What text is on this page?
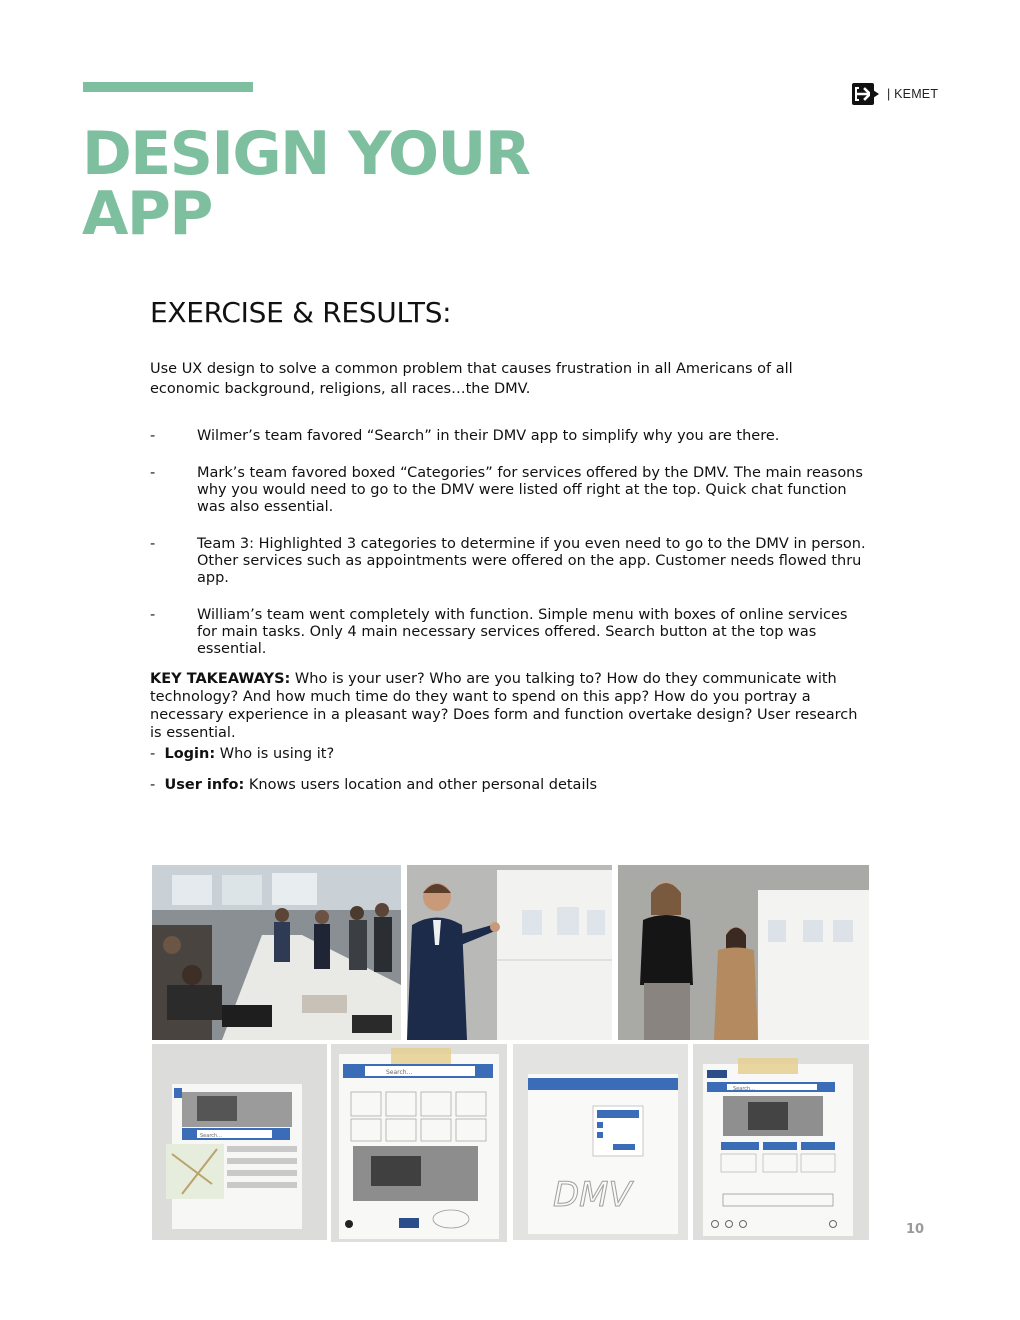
| KEMET
DESIGN YOUR
APP
EXERCISE & RESULTS:

Use UX design to solve a common problem that causes frustration in all Americans of all economic background, religions, all races…the DMV.

-	Wilmer’s team favored “Search” in their DMV app to simplify why you are there.
-	Mark’s team favored boxed “Categories” for services offered by the DMV. The main reasons why you would need to go to the DMV were listed off right at the top. Quick chat function was also essential.
-	Team 3: Highlighted 3 categories to determine if you even need to go to the DMV in person. Other services such as appointments were offered on the app. Customer needs flowed thru app.
-	William’s team went completely with function. Simple menu with boxes of online services for main tasks. Only 4 main necessary services offered. Search button at the top was essential.

KEY TAKEAWAYS: Who is your user? Who are you talking to? How do they communicate with technology? And how much time do they want to spend on this app? How do you portray a necessary experience in a pleasant way? Does form and function overtake design? User research is essential.

- Login: Who is using it?

- User info: Knows users location and other personal details

Search...
Search...
DMV
Search...
10
